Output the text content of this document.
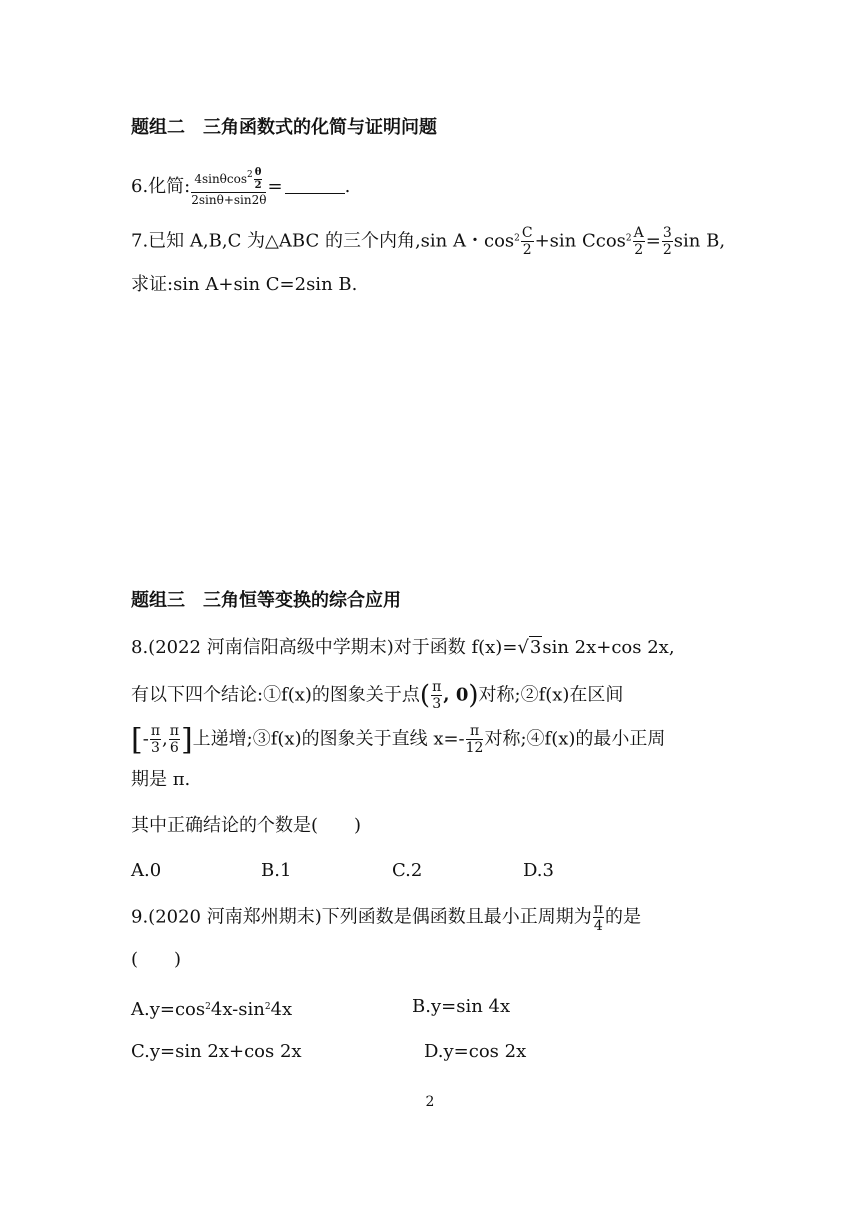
题组二　三角函数式的化简与证明问题
6.化简: $\frac{4\sin\theta\cos^2 \frac{\theta}{2}}{2\sin\theta+\sin 2\theta}$ =	.
7.已知 A,B,C 为△ABC 的三个内角,sin A・$\cos^2 \frac{C}{2} +\sin$ $Ccos^2 \frac{A}{2} = \frac{3}{2}$ sin B,
求证:sin A+sin C=2sin B.
题组三　三角恒等变换的综合应用
8.(2022 河南信阳高级中学期末)对于函数 f(x)=√3sin 2x+cos 2x,
有以下四个结论:①f(x)的图象关于点( $\frac{\pi}{3}$ , 0)对称;②f(x)在区间
[- $\frac{\pi}{3}$ , $\frac{\pi}{6}$ ]上递增;③f(x)的图象关于直线 $x=- \frac{\pi}{12}$ 对称;④f(x)的最小正周
期是 π.
其中正确结论的个数是(　　)
A.0	B.1	C.2	D.3
9.(2020 河南郑州期末)下列函数是偶函数且最小正周期为 $\frac{\pi}{4}$ 的是
(　　)
$A.y=\cos^24x-\sin^24x$	B.y=sin 4x
C.y=sin 2x+cos 2x	D.y=cos 2x
2
